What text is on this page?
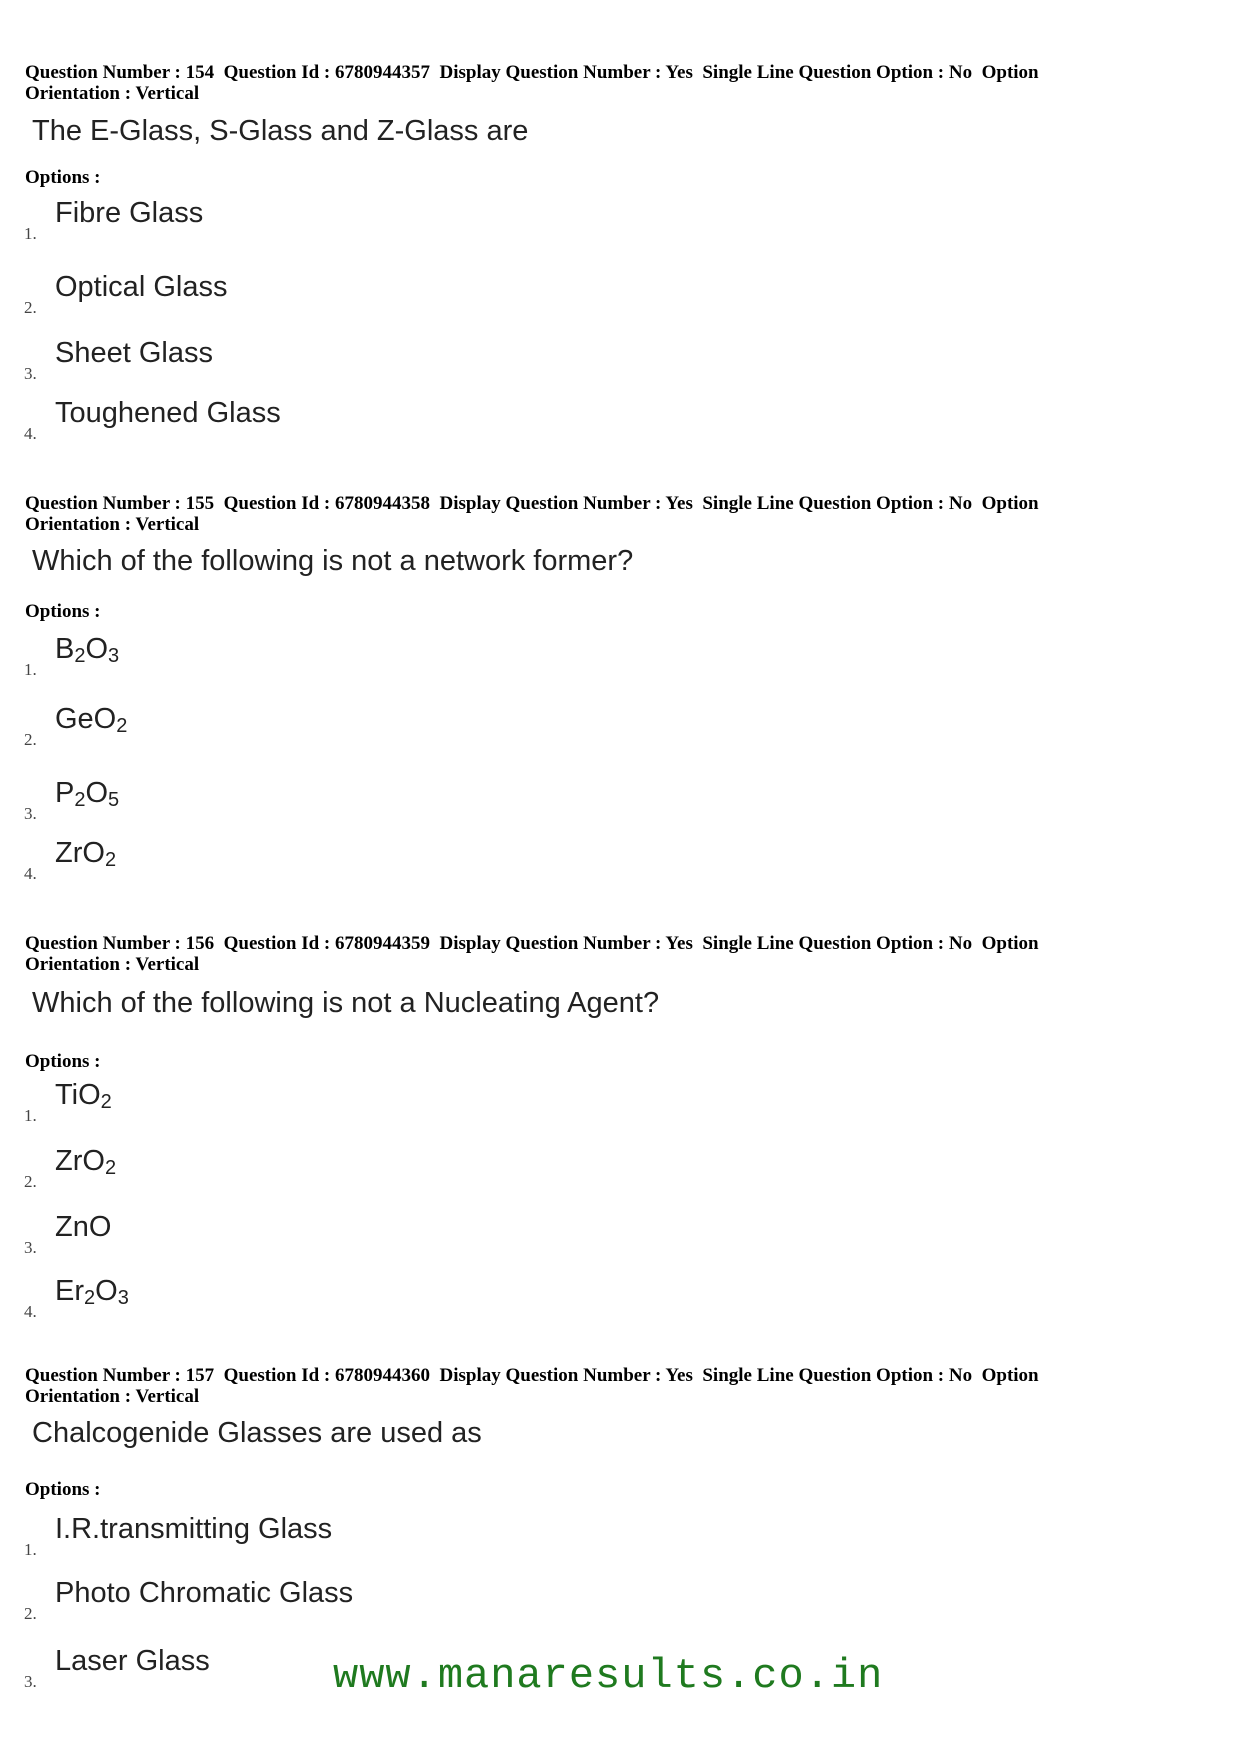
Question Number : 154  Question Id : 6780944357  Display Question Number : Yes  Single Line Question Option : No  Option
Orientation : Vertical
The E-Glass, S-Glass and Z-Glass are
Options :
1.
Fibre Glass
2.
Optical Glass
3.
Sheet Glass
4.
Toughened Glass
Question Number : 155  Question Id : 6780944358  Display Question Number : Yes  Single Line Question Option : No  Option
Orientation : Vertical
Which of the following is not a network former?
Options :
1.
$B_2O_3$
2.
GeO$_2$
3.
$P_2O_5$
4.
ZrO$_2$
Question Number : 156  Question Id : 6780944359  Display Question Number : Yes  Single Line Question Option : No  Option
Orientation : Vertical
Which of the following is not a Nucleating Agent?
Options :
1.
TiO$_2$
2.
ZrO$_2$
3.
ZnO
4.
$Er_2O_3$
Question Number : 157  Question Id : 6780944360  Display Question Number : Yes  Single Line Question Option : No  Option
Orientation : Vertical
Chalcogenide Glasses are used as
Options :
1.
I.R.transmitting Glass
2.
Photo Chromatic Glass
3.
Laser Glass	www.manaresults.co.in
